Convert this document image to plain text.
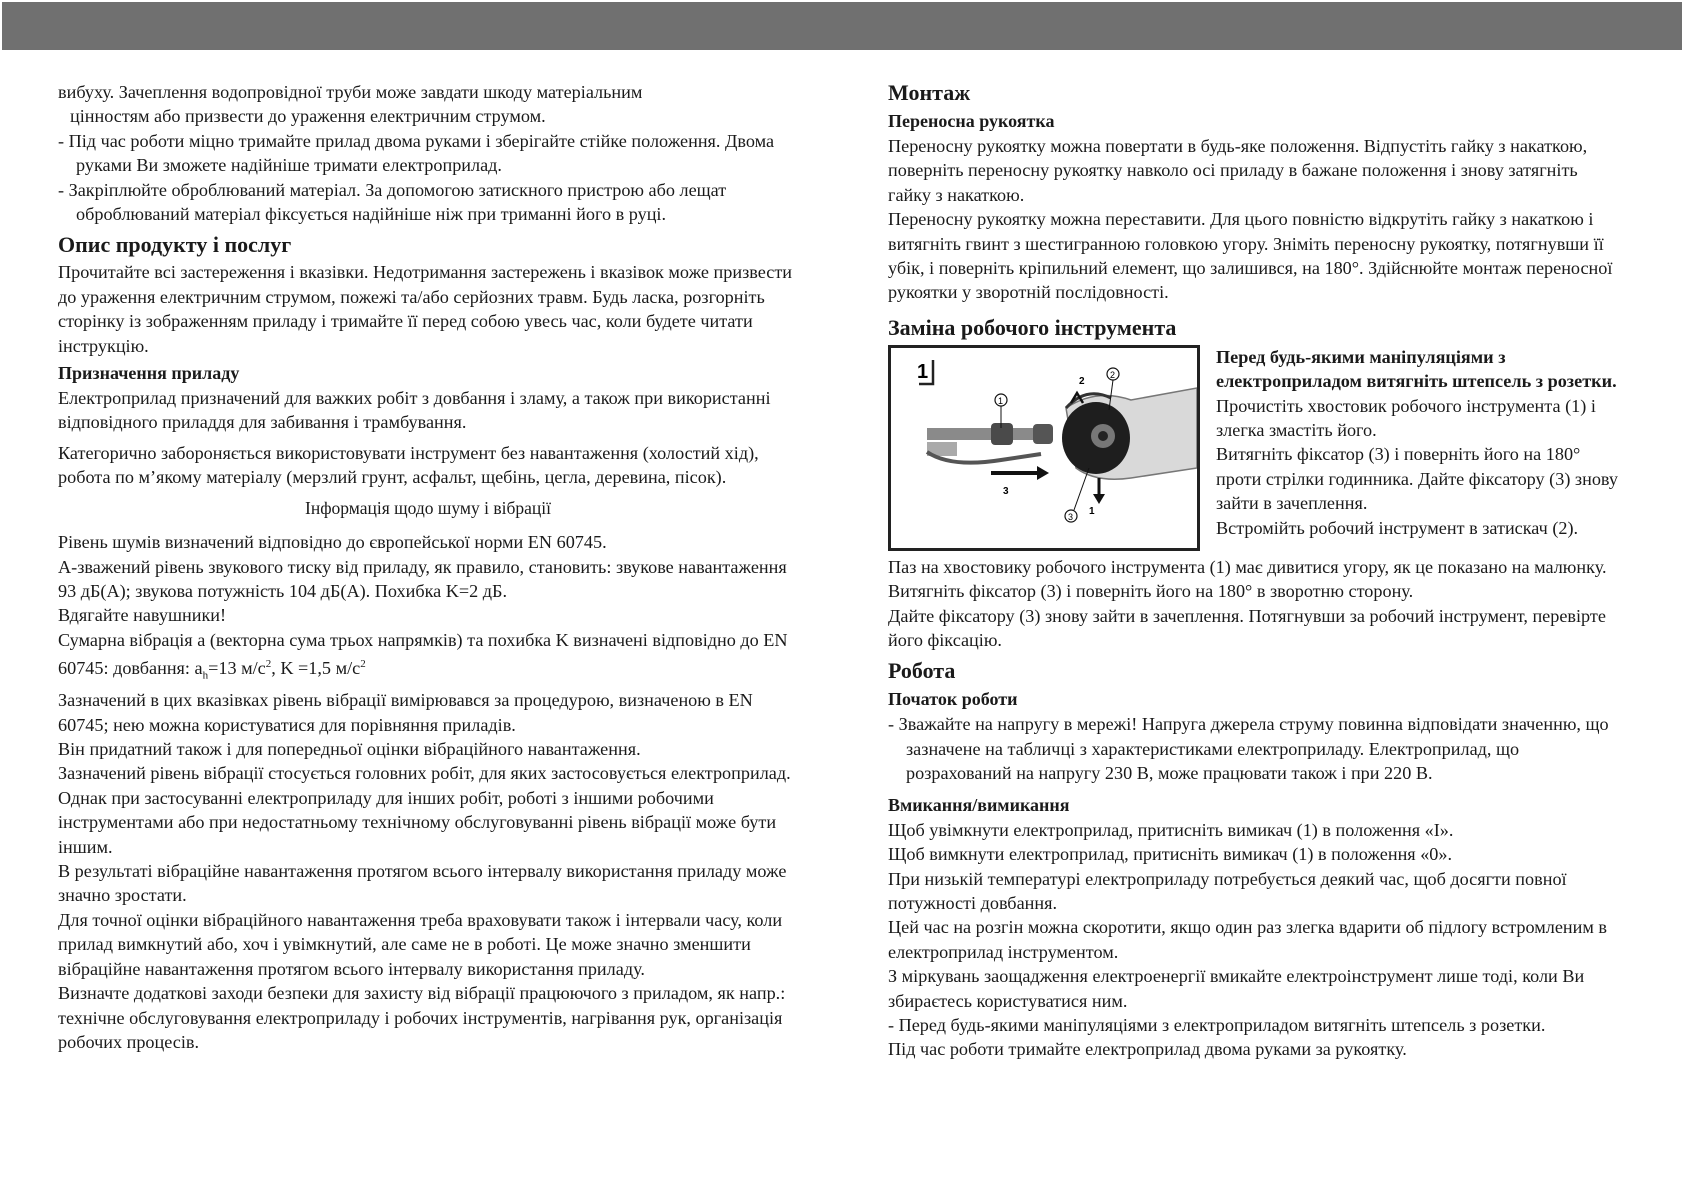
вибуху. Зачеплення водопровідної труби може завдати шкоду матеріальним

цінностям або призвести до ураження електричним струмом.

- Під час роботи міцно тримайте прилад двома руками і зберігайте стійке положення. Двома руками Ви зможете надійніше тримати електроприлад.

- Закріплюйте оброблюваний матеріал. За допомогою затискного пристрою або лещат оброблюваний матеріал фіксується надійніше ніж при триманні його в руці.

Опис продукту і послуг

Прочитайте всі застереження і вказівки. Недотримання застережень і вказівок може призвести до ураження електричним струмом, пожежі та/або серйозних травм. Будь ласка, розгорніть сторінку із зображенням приладу і тримайте її перед собою увесь час, коли будете читати інструкцію.

Призначення приладу

Електроприлад призначений для важких робіт з довбання і зламу, а також при використанні відповідного приладдя для забивання і трамбування.

Категорично забороняється використовувати інструмент без навантаження (холостий хід), робота по м’якому матеріалу (мерзлий грунт, асфальт, щебінь, цегла, деревина, пісок).

Інформація щодо шуму і вібрації

Рівень шумів визначений відповідно до європейської норми EN 60745.

А-зважений рівень звукового тиску від приладу, як правило, становить: звукове навантаження 93 дБ(А); звукова потужність 104 дБ(А). Похибка K=2 дБ.

Вдягайте навушники!

Сумарна вібрація а (векторна сума трьох напрямків) та похибка K визначені відповідно до EN 60745: довбання: $a_h=13$ $м/с^2$, K =1,5 $м/с^2$

Зазначений в цих вказівках рівень вібрації вимірювався за процедурою, визначеною в EN 60745; нею можна користуватися для порівняння приладів.

Він придатний також і для попередньої оцінки вібраційного навантаження.

Зазначений рівень вібрації стосується головних робіт, для яких застосовується електроприлад. Однак при застосуванні електроприладу для інших робіт, роботі з іншими робочими інструментами або при недостатньому технічному обслуговуванні рівень вібрації може бути іншим.

В результаті вібраційне навантаження протягом всього інтервалу використання приладу може значно зростати.

Для точної оцінки вібраційного навантаження треба враховувати також і інтервали часу, коли прилад вимкнутий або, хоч і увімкнутий, але саме не в роботі. Це може значно зменшити вібраційне навантаження протягом всього інтервалу використання приладу.

Визначте додаткові заходи безпеки для захисту від вібрації працюючого з приладом, як напр.: технічне обслуговування електроприладу і робочих інструментів, нагрівання рук, організація робочих процесів.

Монтаж

Переносна рукоятка

Переносну рукоятку можна повертати в будь-яке положення. Відпустіть гайку з накаткою, поверніть переносну рукоятку навколо осі приладу в бажане положення і знову затягніть гайку з накаткою.

Переносну рукоятку можна переставити. Для цього повністю відкрутіть гайку з накаткою і витягніть гвинт з шестигранною головкою угору. Зніміть переносну рукоятку, потягнувши її убік, і поверніть кріпильний елемент, що залишився, на 180°. Здійснюйте монтаж переносної рукоятки у зворотній послідовності.

Заміна робочого інструмента

1
1
2
2
3
3 1

Перед будь-якими маніпуляціями з електроприладом витягніть штепсель з розетки.

Прочистіть хвостовик робочого інструмента (1) і злегка змастіть його.

Витягніть фіксатор (3) і поверніть його на 180° проти стрілки годинника. Дайте фіксатору (3) знову зайти в зачеплення.

Встромійть робочий інструмент в затискач (2).

Паз на хвостовику робочого інструмента (1) має дивитися угору, як це показано на малюнку.

Витягніть фіксатор (3) і поверніть його на 180° в зворотню сторону.

Дайте фіксатору (3) знову зайти в зачеплення. Потягнувши за робочий інструмент, перевірте його фіксацію.

Робота

Початок роботи

- Зважайте на напругу в мережі! Напруга джерела струму повинна відповідати значенню, що зазначене на табличці з характеристиками електроприладу. Електроприлад, що розрахований на напругу 230 В, може працювати також і при 220 В.

Вмикання/вимикання

Щоб увімкнути електроприлад, притисніть вимикач (1) в положення «I».

Щоб вимкнути електроприлад, притисніть вимикач (1) в положення «0».

При низькій температурі електроприладу потребується деякий час, щоб досягти повної потужності довбання.

Цей час на розгін можна скоротити, якщо один раз злегка вдарити об підлогу встромленим в електроприлад інструментом.

З міркувань заощадження електроенергії вмикайте електроінструмент лише тоді, коли Ви збираєтесь користуватися ним.

- Перед будь-якими маніпуляціями з електроприладом витягніть штепсель з розетки.

Під час роботи тримайте електроприлад двома руками за рукоятку.
